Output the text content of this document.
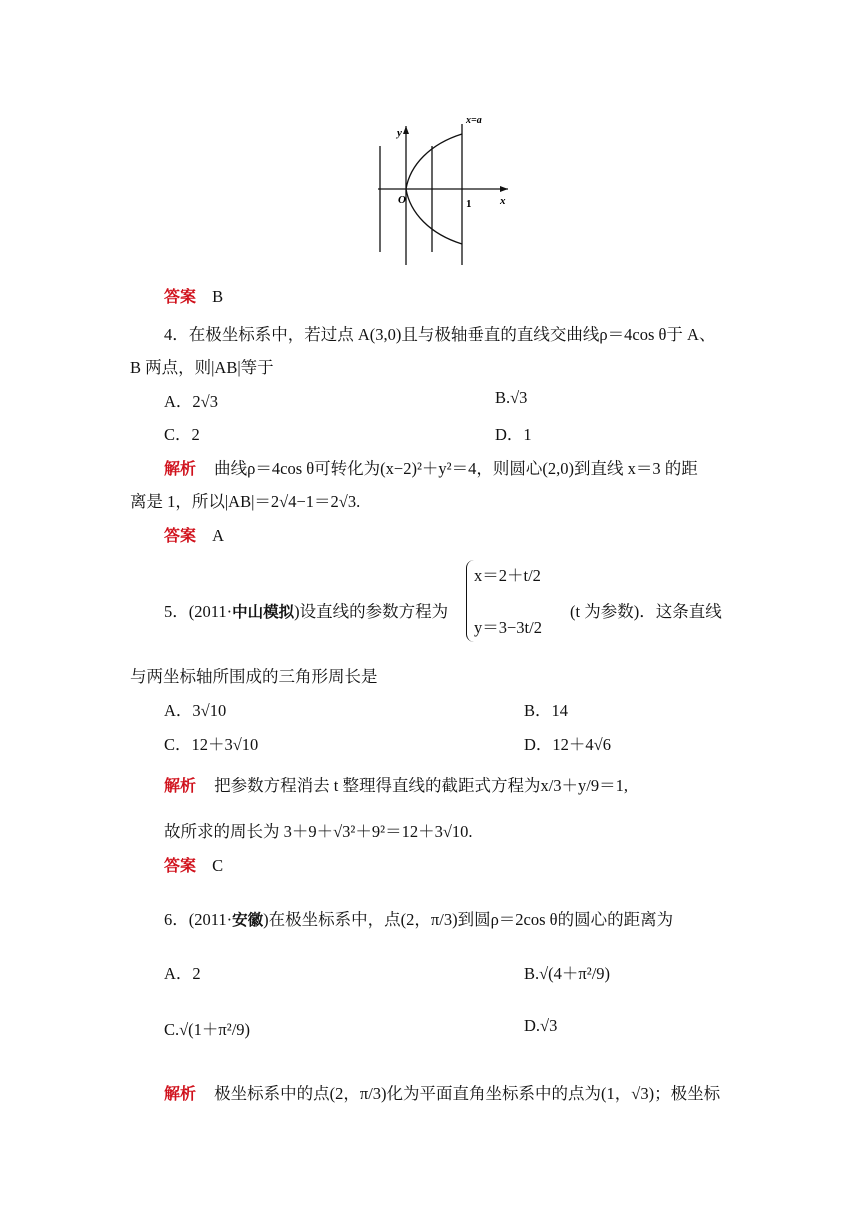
y
x=a
O	1	x
答案 B
4．在极坐标系中，若过点 A(3,0)且与极轴垂直的直线交曲线ρ＝4cos θ于 A、
B 两点，则|AB|等于
A．2√3	B.√3
C．2	D．1
解析 曲线ρ＝4cos θ可转化为(x−2)²＋y²＝4，则圆心(2,0)到直线 x＝3 的距
离是 1，所以|AB|＝2√4−1＝2√3.
答案 A
5．(2011·中山模拟)设直线的参数方程为
x＝2＋t/2
y＝3−3t/2
(t 为参数)．这条直线
与两坐标轴所围成的三角形周长是
A．3√10	B．14
C．12＋3√10	D．12＋4√6
解析 把参数方程消去 t 整理得直线的截距式方程为x/3＋y/9＝1,
故所求的周长为 3＋9＋√3²＋9²＝12＋3√10.
答案 C
6．(2011·安徽)在极坐标系中，点(2，π/3)到圆ρ＝2cos θ的圆心的距离为
A．2	B.√(4＋π²/9)
C.√(1＋π²/9)	D.√3
解析 极坐标系中的点(2，π/3)化为平面直角坐标系中的点为(1，√3)；极坐标
